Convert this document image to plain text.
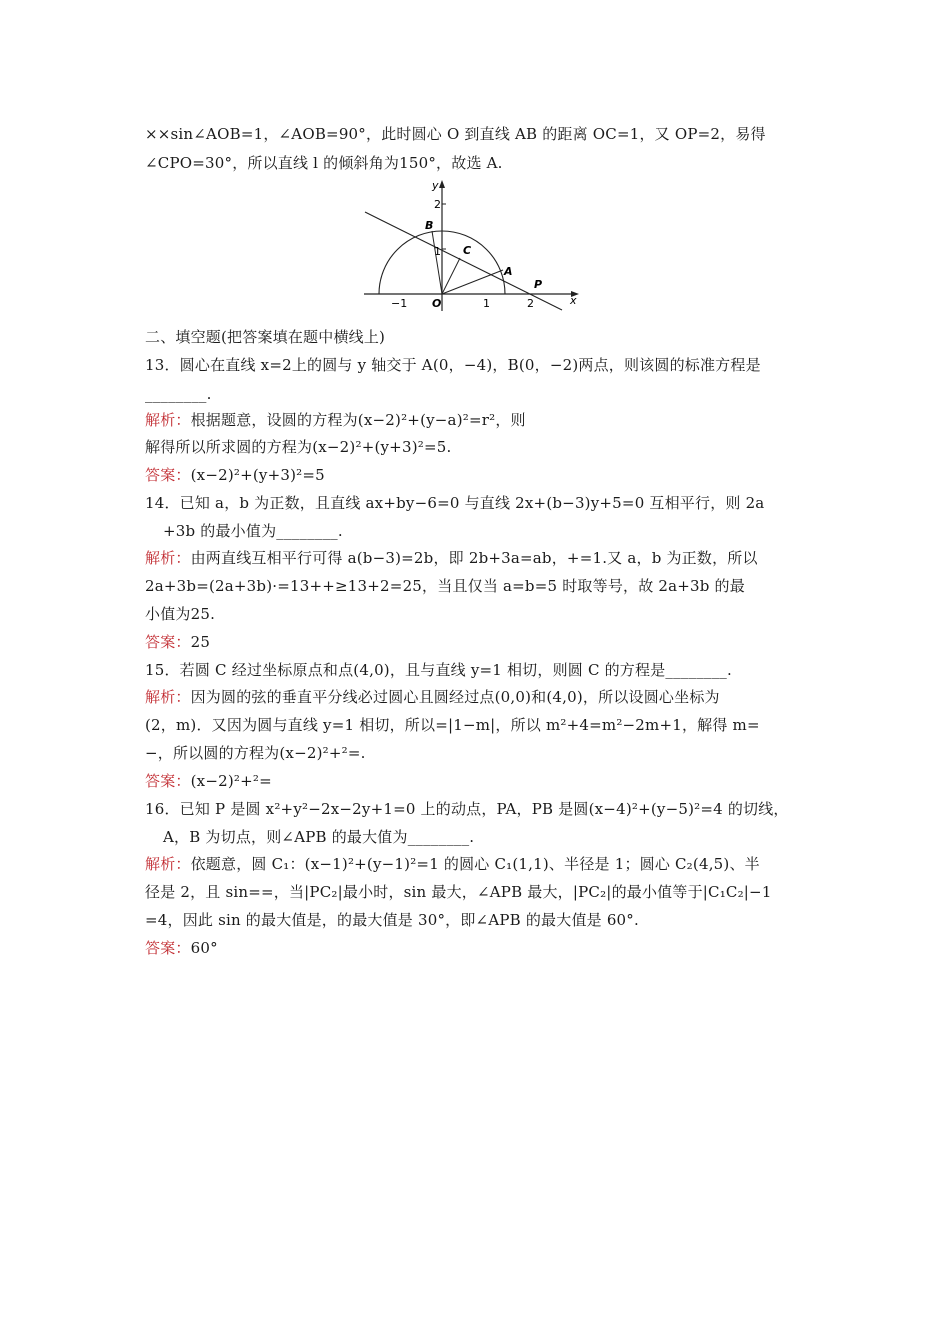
××sin∠AOB=1，∠AOB=90°，此时圆心 O 到直线 AB 的距离 OC=1，又 OP=2，易得
∠CPO=30°，所以直线 l 的倾斜角为150°，故选 A.
x
y
−1	1	2
1
2
O
B
C
A
P
二、填空题(把答案填在题中横线上)
13．圆心在直线 x=2上的圆与 y 轴交于 A(0，−4)，B(0，−2)两点，则该圆的标准方程是
________.
解析：根据题意，设圆的方程为(x−2)²+(y−a)²=r²，则
解得所以所求圆的方程为(x−2)²+(y+3)²=5.
答案：(x−2)²+(y+3)²=5
14．已知 a，b 为正数，且直线 ax+by−6=0 与直线 2x+(b−3)y+5=0 互相平行，则 2a
+3b 的最小值为________.
解析：由两直线互相平行可得 a(b−3)=2b，即 2b+3a=ab，+=1.又 a，b 为正数，所以
2a+3b=(2a+3b)·=13++≥13+2=25，当且仅当 a=b=5 时取等号，故 2a+3b 的最
小值为25.
答案：25
15．若圆 C 经过坐标原点和点(4,0)，且与直线 y=1 相切，则圆 C 的方程是________.
解析：因为圆的弦的垂直平分线必过圆心且圆经过点(0,0)和(4,0)，所以设圆心坐标为
(2，m)．又因为圆与直线 y=1 相切，所以=|1−m|，所以 m²+4=m²−2m+1，解得 m=
−，所以圆的方程为(x−2)²+²=.
答案：(x−2)²+²=
16．已知 P 是圆 x²+y²−2x−2y+1=0 上的动点，PA，PB 是圆(x−4)²+(y−5)²=4 的切线，
A，B 为切点，则∠APB 的最大值为________.
解析：依题意，圆 C₁：(x−1)²+(y−1)²=1 的圆心 C₁(1,1)、半径是 1；圆心 C₂(4,5)、半
径是 2，且 sin==，当|PC₂|最小时，sin 最大，∠APB 最大，|PC₂|的最小值等于|C₁C₂|−1
=4，因此 sin 的最大值是，的最大值是 30°，即∠APB 的最大值是 60°.
答案：60°
